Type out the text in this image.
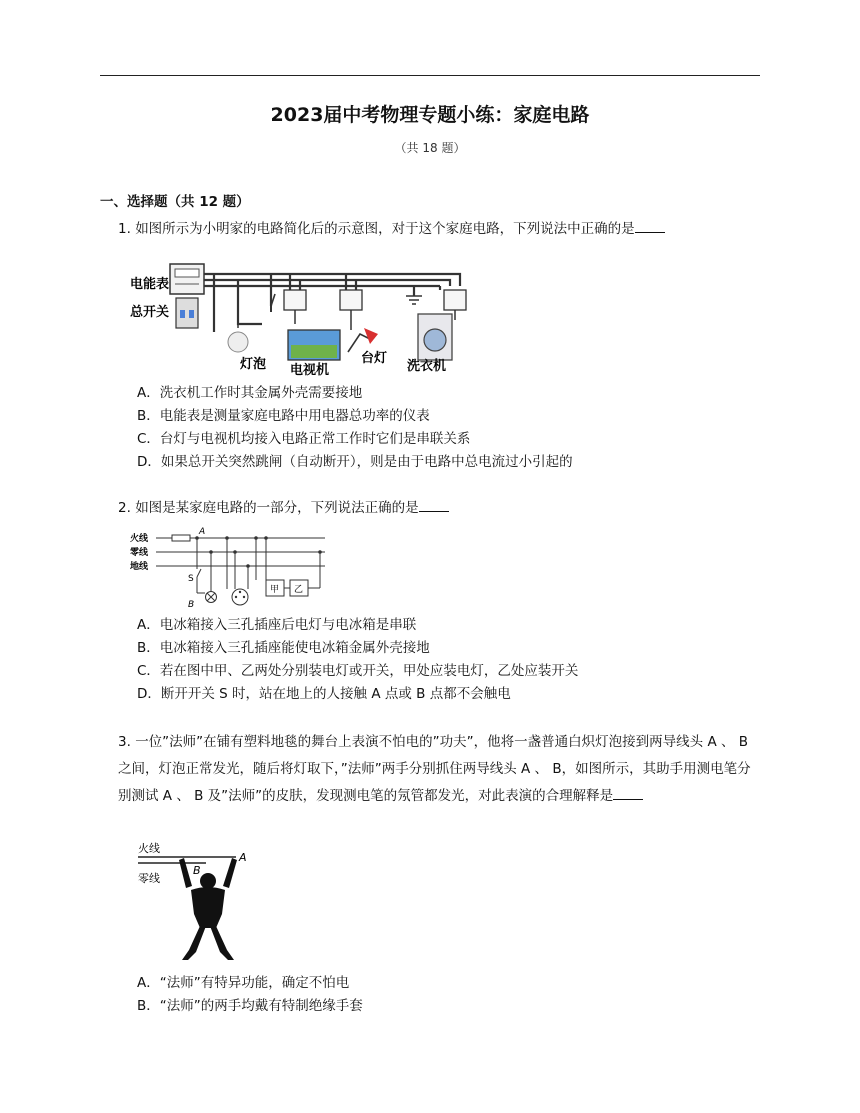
2023届中考物理专题小练：家庭电路
（共 18 题）
一、选择题（共 12 题）
1. 如图所示为小明家的电路简化后的示意图，对于这个家庭电路，下列说法中正确的是
电能表
总开关
灯泡 电视机
台灯
洗衣机
A．洗衣机工作时其金属外壳需要接地
B．电能表是测量家庭电路中用电器总功率的仪表
C．台灯与电视机均接入电路正常工作时它们是串联关系
D．如果总开关突然跳闸（自动断开），则是由于电路中总电流过小引起的
2. 如图是某家庭电路的一部分，下列说法正确的是
火线
零线
地线
A
S
B
甲 乙
A．电冰箱接入三孔插座后电灯与电冰箱是串联
B．电冰箱接入三孔插座能使电冰箱金属外壳接地
C．若在图中甲、乙两处分别装电灯或开关，甲处应装电灯，乙处应装开关
D．断开开关 S 时，站在地上的人接触 A 点或 B 点都不会触电
3. 一位”法师”在铺有塑料地毯的舞台上表演不怕电的”功夫”，他将一盏普通白炽灯泡接到两导线头 A 、 B 之间，灯泡正常发光，随后将灯取下，”法师”两手分别抓住两导线头 A 、 B，如图所示，其助手用测电笔分别测试 A 、 B 及”法师”的皮肤，发现测电笔的氖管都发光，对此表演的合理解释是
火线
零线
A
B
A．“法师”有特异功能，确定不怕电
B．“法师”的两手均戴有特制绝缘手套
